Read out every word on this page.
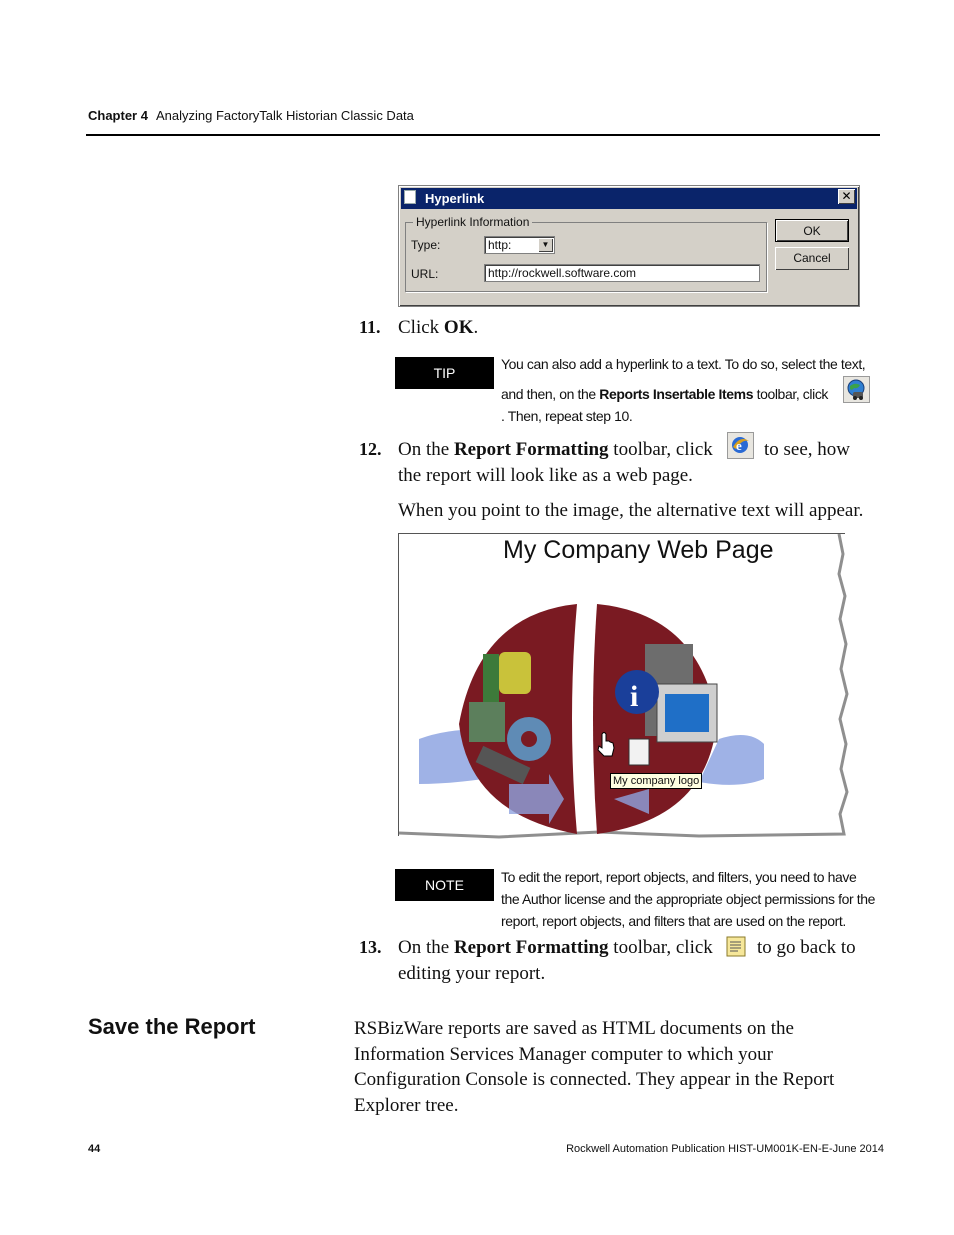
Chapter 4 Analyzing FactoryTalk Historian Classic Data
Hyperlink	✕
Hyperlink Information
Type:	http:	▼
URL:	http://rockwell.software.com
OK
Cancel
11. Click OK.
TIP
You can also add a hyperlink to a text. To do so, select the text,
and then, on the Reports Insertable Items toolbar, click
. Then, repeat step 10.
12. On the Report Formatting toolbar, click	e to see, how
the report will look like as a web page.
When you point to the image, the alternative text will appear.
My Company Web Page
i
My company logo
NOTE	To edit the report, report objects, and filters, you need to have
the Author license and the appropriate object permissions for the
report, report objects, and filters that are used on the report.
13. On the Report Formatting toolbar, click to go back to
editing your report.
Save the Report	RSBizWare reports are saved as HTML documents on the Information Services Manager computer to which your Configuration Console is connected. They appear in the Report Explorer tree.
44	Rockwell Automation Publication HIST-UM001K-EN-E-June 2014
